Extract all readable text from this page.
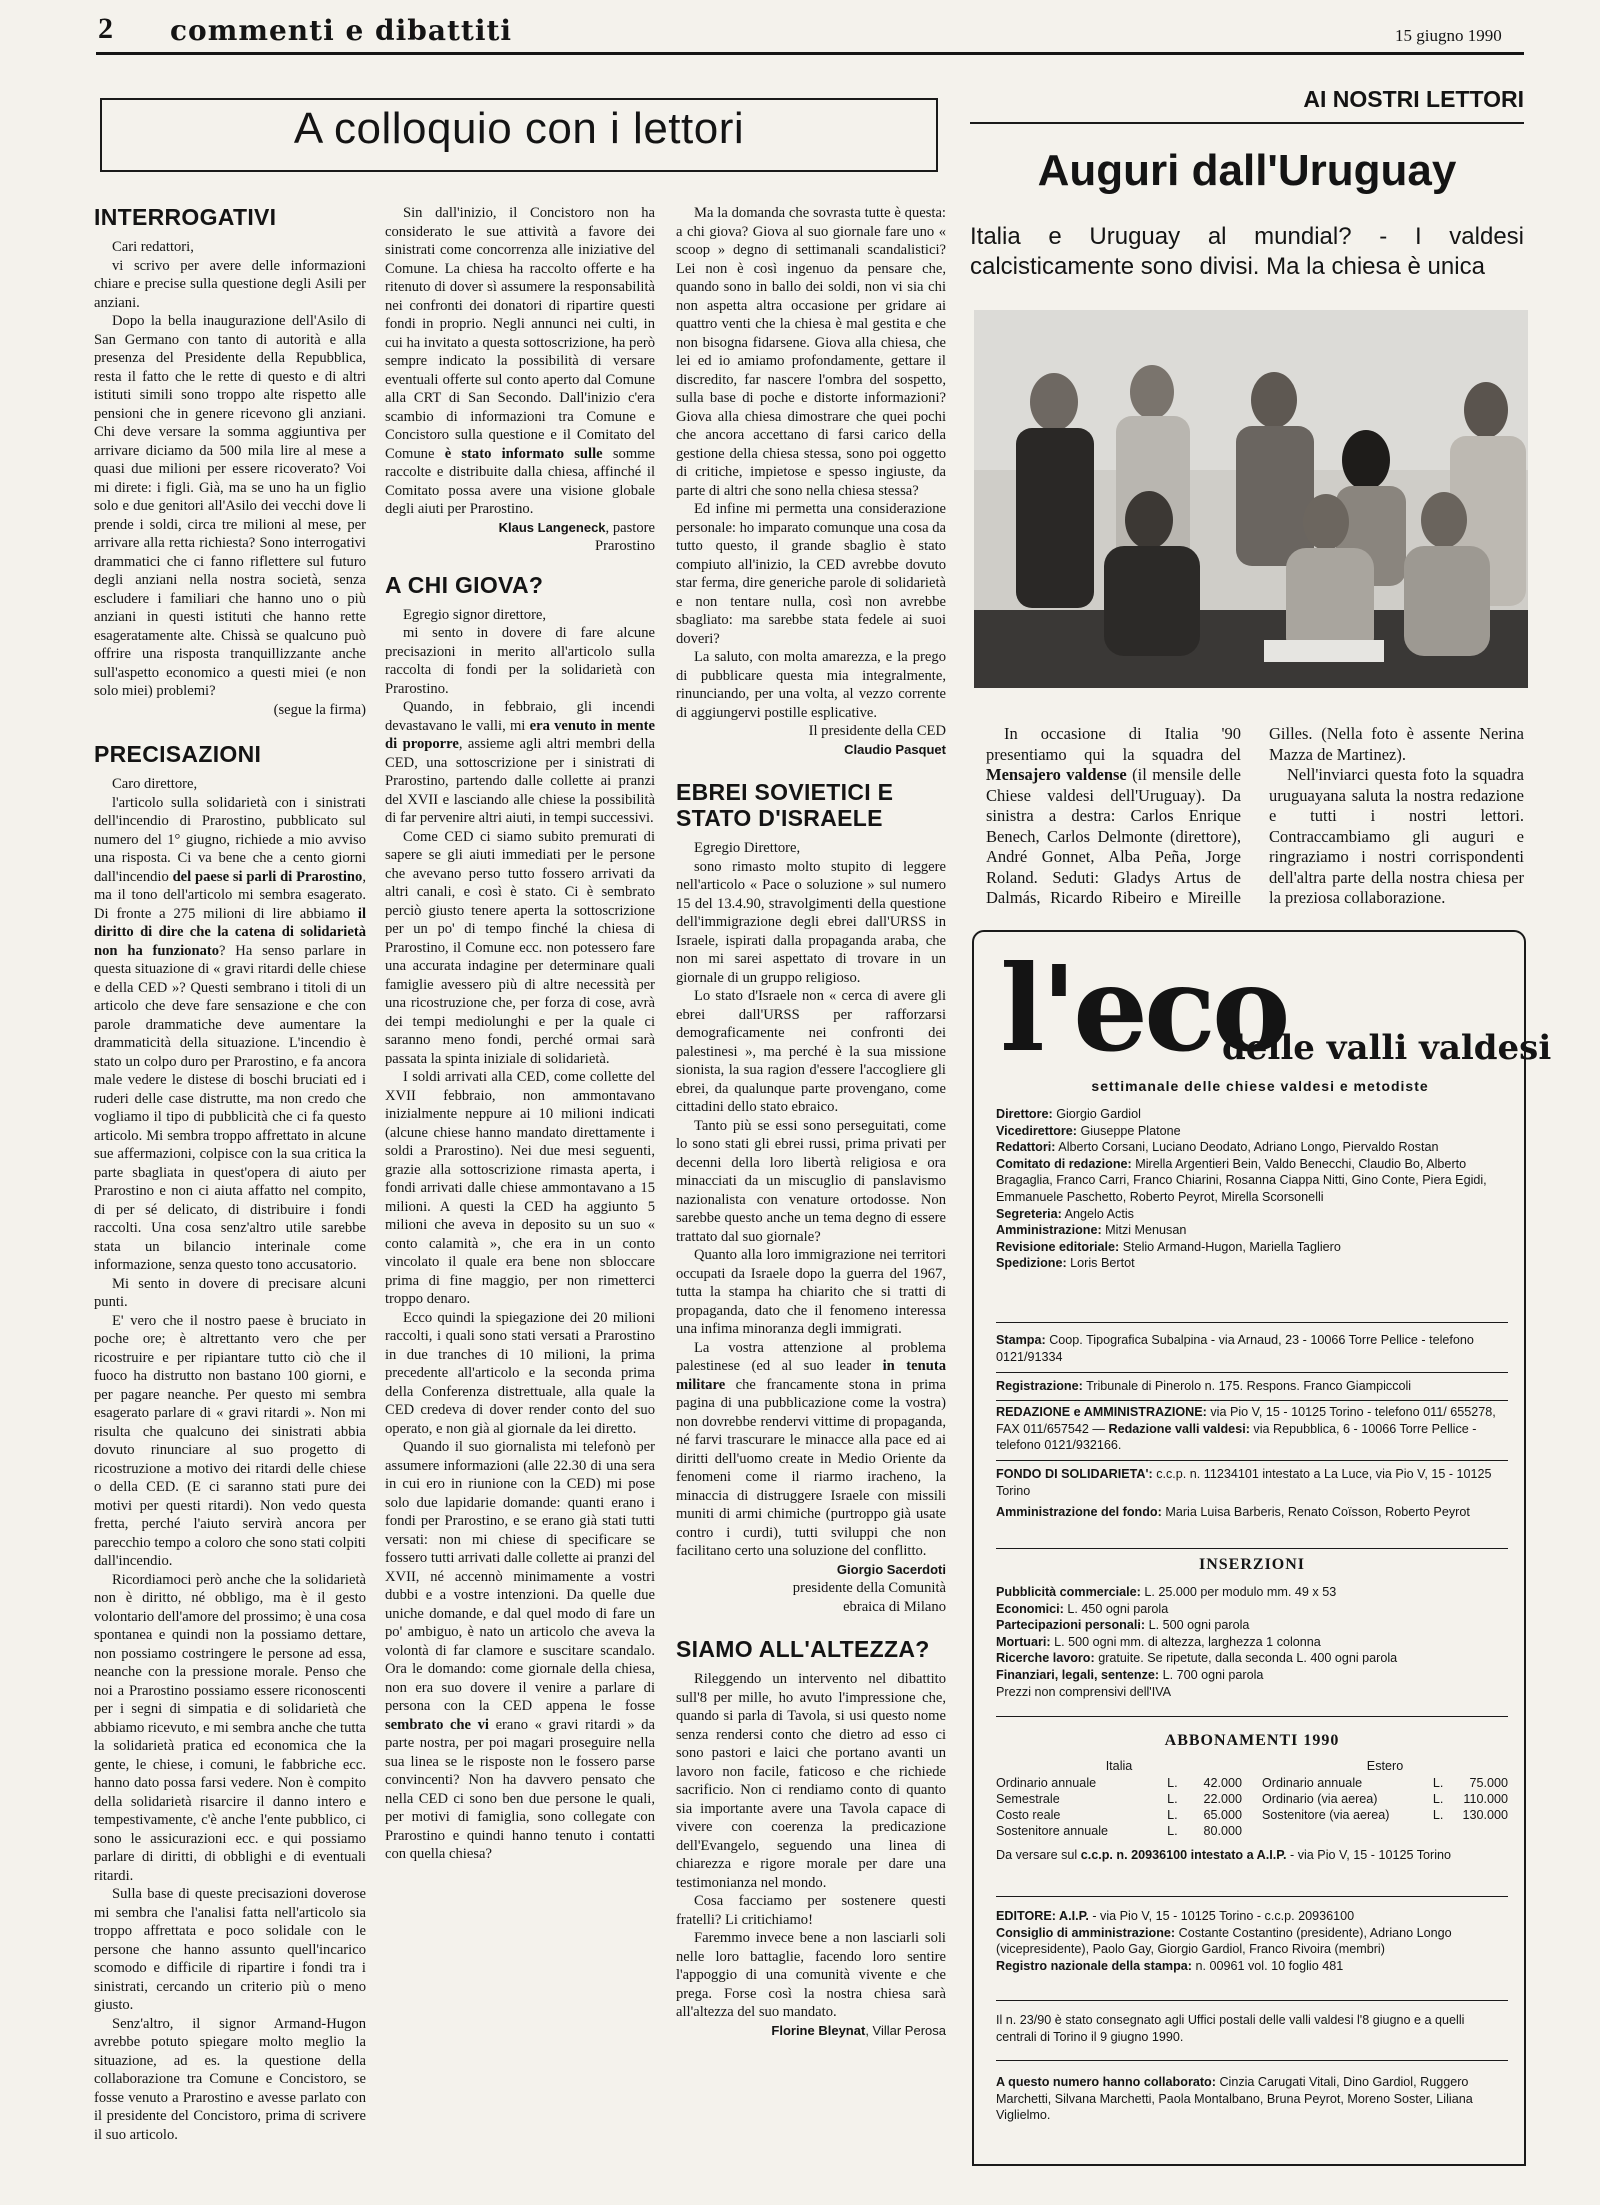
2 commenti e dibattiti	15 giugno 1990
A colloquio con i lettori
INTERROGATIVI

Cari redattori,

vi scrivo per avere delle informazioni chiare e precise sulla questione degli Asili per anziani.

Dopo la bella inaugurazione dell'Asilo di San Germano con tanto di autorità e alla presenza del Presidente della Repubblica, resta il fatto che le rette di questo e di altri istituti simili sono troppo alte rispetto alle pensioni che in genere ricevono gli anziani. Chi deve versare la somma aggiuntiva per arrivare diciamo da 500 mila lire al mese a quasi due milioni per essere ricoverato? Voi mi direte: i figli. Già, ma se uno ha un figlio solo e due genitori all'Asilo dei vecchi dove li prende i soldi, circa tre milioni al mese, per arrivare alla retta richiesta? Sono interrogativi drammatici che ci fanno riflettere sul futuro degli anziani nella nostra società, senza escludere i familiari che hanno uno o più anziani in questi istituti che hanno rette esageratamente alte. Chissà se qualcuno può offrire una risposta tranquillizzante anche sull'aspetto economico a questi miei (e non solo miei) problemi?

(segue la firma)

PRECISAZIONI

Caro direttore,

l'articolo sulla solidarietà con i sinistrati dell'incendio di Prarostino, pubblicato sul numero del 1° giugno, richiede a mio avviso una risposta. Ci va bene che a cento giorni dall'incendio del paese si parli di Prarostino, ma il tono dell'articolo mi sembra esagerato. Di fronte a 275 milioni di lire abbiamo il diritto di dire che la catena di solidarietà non ha funzionato? Ha senso parlare in questa situazione di « gravi ritardi delle chiese e della CED »? Questi sembrano i titoli di un articolo che deve fare sensazione e che con parole drammatiche deve aumentare la drammaticità della situazione. L'incendio è stato un colpo duro per Prarostino, e fa ancora male vedere le distese di boschi bruciati ed i ruderi delle case distrutte, ma non credo che vogliamo il tipo di pubblicità che ci fa questo articolo. Mi sembra troppo affrettato in alcune sue affermazioni, colpisce con la sua critica la parte sbagliata in quest'opera di aiuto per Prarostino e non ci aiuta affatto nel compito, di per sé delicato, di distribuire i fondi raccolti. Una cosa senz'altro utile sarebbe stata un bilancio interinale come informazione, senza questo tono accusatorio.

Mi sento in dovere di precisare alcuni punti.

E' vero che il nostro paese è bruciato in poche ore; è altrettanto vero che per ricostruire e per ripiantare tutto ciò che il fuoco ha distrutto non bastano 100 giorni, e per pagare neanche. Per questo mi sembra esagerato parlare di « gravi ritardi ». Non mi risulta che qualcuno dei sinistrati abbia dovuto rinunciare al suo progetto di ricostruzione a motivo dei ritardi delle chiese o della CED. (E ci saranno stati pure dei motivi per questi ritardi). Non vedo questa fretta, perché l'aiuto servirà ancora per parecchio tempo a coloro che sono stati colpiti dall'incendio.

Ricordiamoci però anche che la solidarietà non è diritto, né obbligo, ma è il gesto volontario dell'amore del prossimo; è una cosa spontanea e quindi non la possiamo dettare, non possiamo costringere le persone ad essa, neanche con la pressione morale. Penso che noi a Prarostino possiamo essere riconoscenti per i segni di simpatia e di solidarietà che abbiamo ricevuto, e mi sembra anche che tutta la solidarietà pratica ed economica che la gente, le chiese, i comuni, le fabbriche ecc. hanno dato possa farsi vedere. Non è compito della solidarietà risarcire il danno intero e tempestivamente, c'è anche l'ente pubblico, ci sono le assicurazioni ecc. e qui possiamo parlare di diritti, di obblighi e di eventuali ritardi.

Sulla base di queste precisazioni doverose mi sembra che l'analisi fatta nell'articolo sia troppo affrettata e poco solidale con le persone che hanno assunto quell'incarico scomodo e difficile di ripartire i fondi tra i sinistrati, cercando un criterio più o meno giusto.

Senz'altro, il signor Armand-Hugon avrebbe potuto spiegare molto meglio la situazione, ad es. la questione della collaborazione tra Comune e Concistoro, se fosse venuto a Prarostino e avesse parlato con il presidente del Concistoro, prima di scrivere il suo articolo.

Sin dall'inizio, il Concistoro non ha considerato le sue attività a favore dei sinistrati come concorrenza alle iniziative del Comune. La chiesa ha raccolto offerte e ha ritenuto di dover sì assumere la responsabilità nei confronti dei donatori di ripartire questi fondi in proprio. Negli annunci nei culti, in cui ha invitato a questa sottoscrizione, ha però sempre indicato la possibilità di versare eventuali offerte sul conto aperto dal Comune alla CRT di San Secondo. Dall'inizio c'era scambio di informazioni tra Comune e Concistoro sulla questione e il Comitato del Comune è stato informato sulle somme raccolte e distribuite dalla chiesa, affinché il Comitato possa avere una visione globale degli aiuti per Prarostino.

Klaus Langeneck, pastore

Prarostino

A CHI GIOVA?

Egregio signor direttore,

mi sento in dovere di fare alcune precisazioni in merito all'articolo sulla raccolta di fondi per la solidarietà con Prarostino.

Quando, in febbraio, gli incendi devastavano le valli, mi era venuto in mente di proporre, assieme agli altri membri della CED, una sottoscrizione per i sinistrati di Prarostino, partendo dalle collette ai pranzi del XVII e lasciando alle chiese la possibilità di far pervenire altri aiuti, in tempi successivi.

Come CED ci siamo subito premurati di sapere se gli aiuti immediati per le persone che avevano perso tutto fossero arrivati da altri canali, e così è stato. Ci è sembrato perciò giusto tenere aperta la sottoscrizione per un po' di tempo finché la chiesa di Prarostino, il Comune ecc. non potessero fare una accurata indagine per determinare quali famiglie avessero più di altre necessità per una ricostruzione che, per forza di cose, avrà dei tempi mediolunghi e per la quale ci saranno meno fondi, perché ormai sarà passata la spinta iniziale di solidarietà.

I soldi arrivati alla CED, come collette del XVII febbraio, non ammontavano inizialmente neppure ai 10 milioni indicati (alcune chiese hanno mandato direttamente i soldi a Prarostino). Nei due mesi seguenti, grazie alla sottoscrizione rimasta aperta, i fondi arrivati dalle chiese ammontavano a 15 milioni. A questi la CED ha aggiunto 5 milioni che aveva in deposito su un suo « conto calamità », che era in un conto vincolato il quale era bene non sbloccare prima di fine maggio, per non rimetterci troppo denaro.

Ecco quindi la spiegazione dei 20 milioni raccolti, i quali sono stati versati a Prarostino in due tranches di 10 milioni, la prima precedente all'articolo e la seconda prima della Conferenza distrettuale, alla quale la CED credeva di dover render conto del suo operato, e non già al giornale da lei diretto.

Quando il suo giornalista mi telefonò per assumere informazioni (alle 22.30 di una sera in cui ero in riunione con la CED) mi pose solo due lapidarie domande: quanti erano i fondi per Prarostino, e se erano già stati tutti versati: non mi chiese di specificare se fossero tutti arrivati dalle collette ai pranzi del XVII, né accennò minimamente a vostri dubbi e a vostre intenzioni. Da quelle due uniche domande, e dal quel modo di fare un po' ambiguo, è nato un articolo che aveva la volontà di far clamore e suscitare scandalo. Ora le domando: come giornale della chiesa, non era suo dovere il venire a parlare di persona con la CED appena le fosse sembrato che vi erano « gravi ritardi » da parte nostra, per poi magari proseguire nella sua linea se le risposte non le fossero parse convincenti? Non ha davvero pensato che nella CED ci sono ben due persone le quali, per motivi di famiglia, sono collegate con Prarostino e quindi hanno tenuto i contatti con quella chiesa?

Ma la domanda che sovrasta tutte è questa: a chi giova? Giova al suo giornale fare uno « scoop » degno di settimanali scandalistici? Lei non è così ingenuo da pensare che, quando sono in ballo dei soldi, non vi sia chi non aspetta altra occasione per gridare ai quattro venti che la chiesa è mal gestita e che non bisogna fidarsene. Giova alla chiesa, che lei ed io amiamo profondamente, gettare il discredito, far nascere l'ombra del sospetto, sulla base di poche e distorte informazioni? Giova alla chiesa dimostrare che quei pochi che ancora accettano di farsi carico della gestione della chiesa stessa, sono poi oggetto di critiche, impietose e spesso ingiuste, da parte di altri che sono nella chiesa stessa?

Ed infine mi permetta una considerazione personale: ho imparato comunque una cosa da tutto questo, il grande sbaglio è stato compiuto all'inizio, la CED avrebbe dovuto star ferma, dire generiche parole di solidarietà e non tentare nulla, così non avrebbe sbagliato: ma sarebbe stata fedele ai suoi doveri?

La saluto, con molta amarezza, e la prego di pubblicare questa mia integralmente, rinunciando, per una volta, al vezzo corrente di aggiungervi postille esplicative.

Il presidente della CED

Claudio Pasquet

EBREI SOVIETICI E STATO D'ISRAELE

Egregio Direttore,

sono rimasto molto stupito di leggere nell'articolo « Pace o soluzione » sul numero 15 del 13.4.90, stravolgimenti della questione dell'immigrazione degli ebrei dall'URSS in Israele, ispirati dalla propaganda araba, che non mi sarei aspettato di trovare in un giornale di un gruppo religioso.

Lo stato d'Israele non « cerca di avere gli ebrei dall'URSS per rafforzarsi demograficamente nei confronti dei palestinesi », ma perché è la sua missione sionista, la sua ragion d'essere l'accogliere gli ebrei, da qualunque parte provengano, come cittadini dello stato ebraico.

Tanto più se essi sono perseguitati, come lo sono stati gli ebrei russi, prima privati per decenni della loro libertà religiosa e ora minacciati da un miscuglio di panslavismo nazionalista con venature ortodosse. Non sarebbe questo anche un tema degno di essere trattato dal suo giornale?

Quanto alla loro immigrazione nei territori occupati da Israele dopo la guerra del 1967, tutta la stampa ha chiarito che si tratti di propaganda, dato che il fenomeno interessa una infima minoranza degli immigrati.

La vostra attenzione al problema palestinese (ed al suo leader in tenuta militare che francamente stona in prima pagina di una pubblicazione come la vostra) non dovrebbe rendervi vittime di propaganda, né farvi trascurare le minacce alla pace ed ai diritti dell'uomo create in Medio Oriente da fenomeni come il riarmo iracheno, la minaccia di distruggere Israele con missili muniti di armi chimiche (purtroppo già usate contro i curdi), tutti sviluppi che non facilitano certo una soluzione del conflitto.

Giorgio Sacerdoti

presidente della Comunità

ebraica di Milano

SIAMO ALL'ALTEZZA?

Rileggendo un intervento nel dibattito sull'8 per mille, ho avuto l'impressione che, quando si parla di Tavola, si usi questo nome senza rendersi conto che dietro ad esso ci sono pastori e laici che portano avanti un lavoro non facile, faticoso e che richiede sacrificio. Non ci rendiamo conto di quanto sia importante avere una Tavola capace di vivere con coerenza la predicazione dell'Evangelo, seguendo una linea di chiarezza e rigore morale per dare una testimonianza nel mondo.

Cosa facciamo per sostenere questi fratelli? Li critichiamo!

Faremmo invece bene a non lasciarli soli nelle loro battaglie, facendo loro sentire l'appoggio di una comunità vivente e che prega. Forse così la nostra chiesa sarà all'altezza del suo mandato.

Florine Bleynat, Villar Perosa

AI NOSTRI LETTORI
Auguri dall'Uruguay
Italia e Uruguay al mundial? - I valdesi calcisticamente sono divisi. Ma la chiesa è unica

In occasione di Italia '90 presentiamo qui la squadra del Mensajero valdense (il mensile delle Chiese valdesi dell'Uruguay). Da sinistra a destra: Carlos Enrique Benech, Carlos Delmonte (direttore), André Gonnet, Alba Peña, Jorge Roland. Seduti: Gladys Artus de Dalmás, Ricardo Ribeiro e Mireille Gilles. (Nella foto è assente Nerina Mazza de Martinez).

Nell'inviarci questa foto la squadra uruguayana saluta la nostra redazione e tutti i nostri lettori. Contraccambiamo gli auguri e ringraziamo i nostri corrispondenti dell'altra parte della nostra chiesa per la preziosa collaborazione.

l'eco
delle valli valdesi
settimanale delle chiese valdesi e metodiste

Direttore: Giorgio Gardiol

Vicedirettore: Giuseppe Platone

Redattori: Alberto Corsani, Luciano Deodato, Adriano Longo, Piervaldo Rostan

Comitato di redazione: Mirella Argentieri Bein, Valdo Benecchi, Claudio Bo, Alberto Bragaglia, Franco Carri, Franco Chiarini, Rosanna Ciappa Nitti, Gino Conte, Piera Egidi, Emmanuele Paschetto, Roberto Peyrot, Mirella Scorsonelli

Segreteria: Angelo Actis

Amministrazione: Mitzi Menusan

Revisione editoriale: Stelio Armand-Hugon, Mariella Tagliero

Spedizione: Loris Bertot

Stampa: Coop. Tipografica Subalpina - via Arnaud, 23 - 10066 Torre Pellice - telefono 0121/91334

Registrazione: Tribunale di Pinerolo n. 175. Respons. Franco Giampiccoli

REDAZIONE e AMMINISTRAZIONE: via Pio V, 15 - 10125 Torino - telefono 011/ 655278, FAX 011/657542 — Redazione valli valdesi: via Repubblica, 6 - 10066 Torre Pellice - telefono 0121/932166.

FONDO DI SOLIDARIETA': c.c.p. n. 11234101 intestato a La Luce, via Pio V, 15 - 10125 Torino

Amministrazione del fondo: Maria Luisa Barberis, Renato Coïsson, Roberto Peyrot

INSERZIONI

Pubblicità commerciale: L. 25.000 per modulo mm. 49 x 53

Economici: L. 450 ogni parola

Partecipazioni personali: L. 500 ogni parola

Mortuari: L. 500 ogni mm. di altezza, larghezza 1 colonna

Ricerche lavoro: gratuite. Se ripetute, dalla seconda L. 400 ogni parola

Finanziari, legali, sentenze: L. 700 ogni parola

Prezzi non comprensivi dell'IVA

ABBONAMENTI 1990
Italia
Ordinario annuale	L.	42.000
Semestrale	L.	22.000
Costo reale	L.	65.000
Sostenitore annuale	L.	80.000
Estero
Ordinario annuale	L.	75.000
Ordinario (via aerea)	L.	110.000
Sostenitore (via aerea)	L.	130.000

Da versare sul c.c.p. n. 20936100 intestato a A.I.P. - via Pio V, 15 - 10125 Torino

EDITORE: A.I.P. - via Pio V, 15 - 10125 Torino - c.c.p. 20936100

Consiglio di amministrazione: Costante Costantino (presidente), Adriano Longo (vicepresidente), Paolo Gay, Giorgio Gardiol, Franco Rivoira (membri)

Registro nazionale della stampa: n. 00961 vol. 10 foglio 481

Il n. 23/90 è stato consegnato agli Uffici postali delle valli valdesi l'8 giugno e a quelli centrali di Torino il 9 giugno 1990.

A questo numero hanno collaborato: Cinzia Carugati Vitali, Dino Gardiol, Ruggero Marchetti, Silvana Marchetti, Paola Montalbano, Bruna Peyrot, Moreno Soster, Liliana Viglielmo.
